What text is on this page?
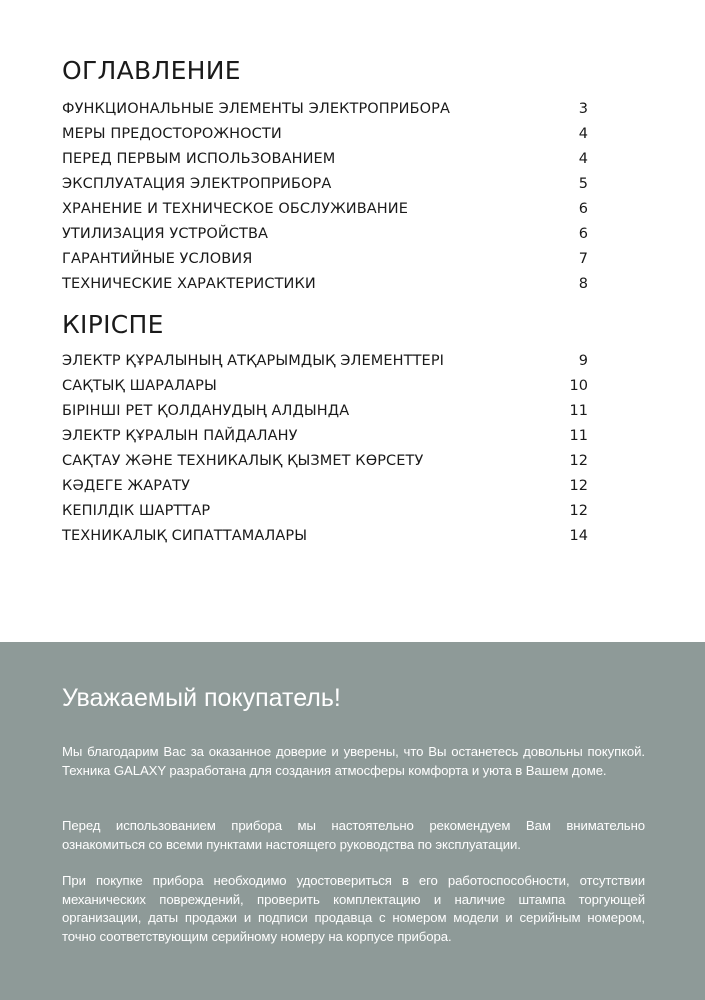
ОГЛАВЛЕНИЕ
ФУНКЦИОНАЛЬНЫЕ ЭЛЕМЕНТЫ ЭЛЕКТРОПРИБОРА	3
МЕРЫ ПРЕДОСТОРОЖНОСТИ	4
ПЕРЕД ПЕРВЫМ ИСПОЛЬЗОВАНИЕМ	4
ЭКСПЛУАТАЦИЯ ЭЛЕКТРОПРИБОРА	5
ХРАНЕНИЕ И ТЕХНИЧЕСКОЕ ОБСЛУЖИВАНИЕ	6
УТИЛИЗАЦИЯ УСТРОЙСТВА	6
ГАРАНТИЙНЫЕ УСЛОВИЯ	7
ТЕХНИЧЕСКИЕ ХАРАКТЕРИСТИКИ	8
КІРІСПЕ
ЭЛЕКТР ҚҰРАЛЫНЫҢ АТҚАРЫМДЫҚ ЭЛЕМЕНТТЕРІ	9
САҚТЫҚ ШАРАЛАРЫ	10
БІРІНШІ РЕТ ҚОЛДАНУДЫҢ АЛДЫНДА	11
ЭЛЕКТР ҚҰРАЛЫН ПАЙДАЛАНУ	11
САҚТАУ ЖӘНЕ ТЕХНИКАЛЫҚ ҚЫЗМЕТ КӨРСЕТУ	12
КӘДЕГЕ ЖАРАТУ	12
КЕПІЛДІК ШАРТТАР	12
ТЕХНИКАЛЫҚ СИПАТТАМАЛАРЫ	14
Уважаемый покупатель!

Мы благодарим Вас за оказанное доверие и уверены, что Вы останетесь довольны покупкой. Техника GALAXY разработана для создания атмосферы комфорта и уюта в Вашем доме.

Перед использованием прибора мы настоятельно рекомендуем Вам внимательно ознакомиться со всеми пунктами настоящего руководства по эксплуатации.

При покупке прибора необходимо удостовериться в его работоспособности, отсутствии механических повреждений, проверить комплектацию и наличие штампа торгующей организации, даты продажи и подписи продавца с номером модели и серийным номером, точно соответствующим серийному номеру на корпусе прибора.
